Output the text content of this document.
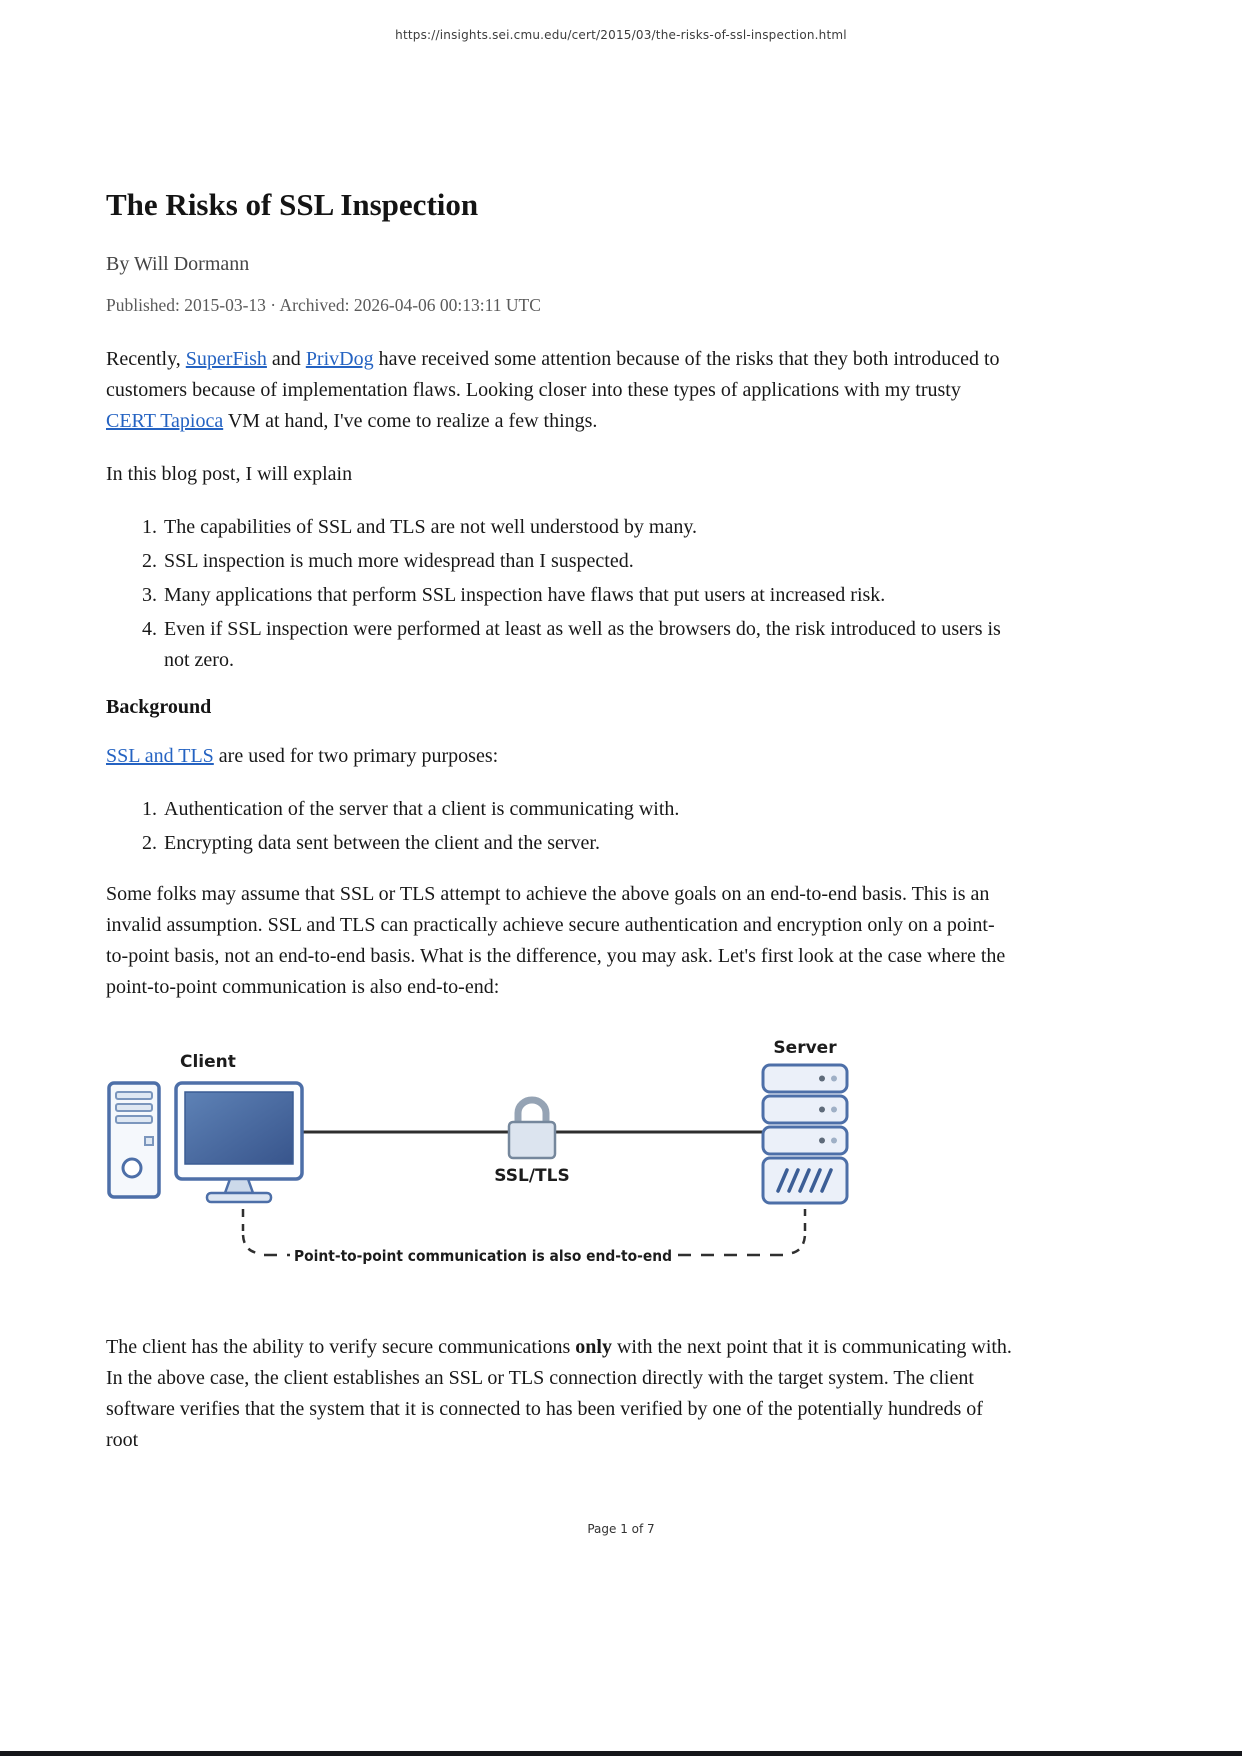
https://insights.sei.cmu.edu/cert/2015/03/the-risks-of-ssl-inspection.html
The Risks of SSL Inspection

By Will Dormann

Published: 2015-03-13 · Archived: 2026-04-06 00:13:11 UTC

Recently, SuperFish and PrivDog have received some attention because of the risks that they both introduced to customers because of implementation flaws. Looking closer into these types of applications with my trusty CERT Tapioca VM at hand, I've come to realize a few things.

In this blog post, I will explain

1. The capabilities of SSL and TLS are not well understood by many.
2. SSL inspection is much more widespread than I suspected.
3. Many applications that perform SSL inspection have flaws that put users at increased risk.
4. Even if SSL inspection were performed at least as well as the browsers do, the risk introduced to users is not zero.
Background

SSL and TLS are used for two primary purposes:

1. Authentication of the server that a client is communicating with.
2. Encrypting data sent between the client and the server.

Some folks may assume that SSL or TLS attempt to achieve the above goals on an end-to-end basis. This is an invalid assumption. SSL and TLS can practically achieve secure authentication and encryption only on a point-to-point basis, not an end-to-end basis. What is the difference, you may ask. Let's first look at the case where the point-to-point communication is also end-to-end:

Client
SSL/TLS
Server
Point-to-point communication is also end-to-end

The client has the ability to verify secure communications only with the next point that it is communicating with. In the above case, the client establishes an SSL or TLS connection directly with the target system. The client software verifies that the system that it is connected to has been verified by one of the potentially hundreds of root

Page 1 of 7
